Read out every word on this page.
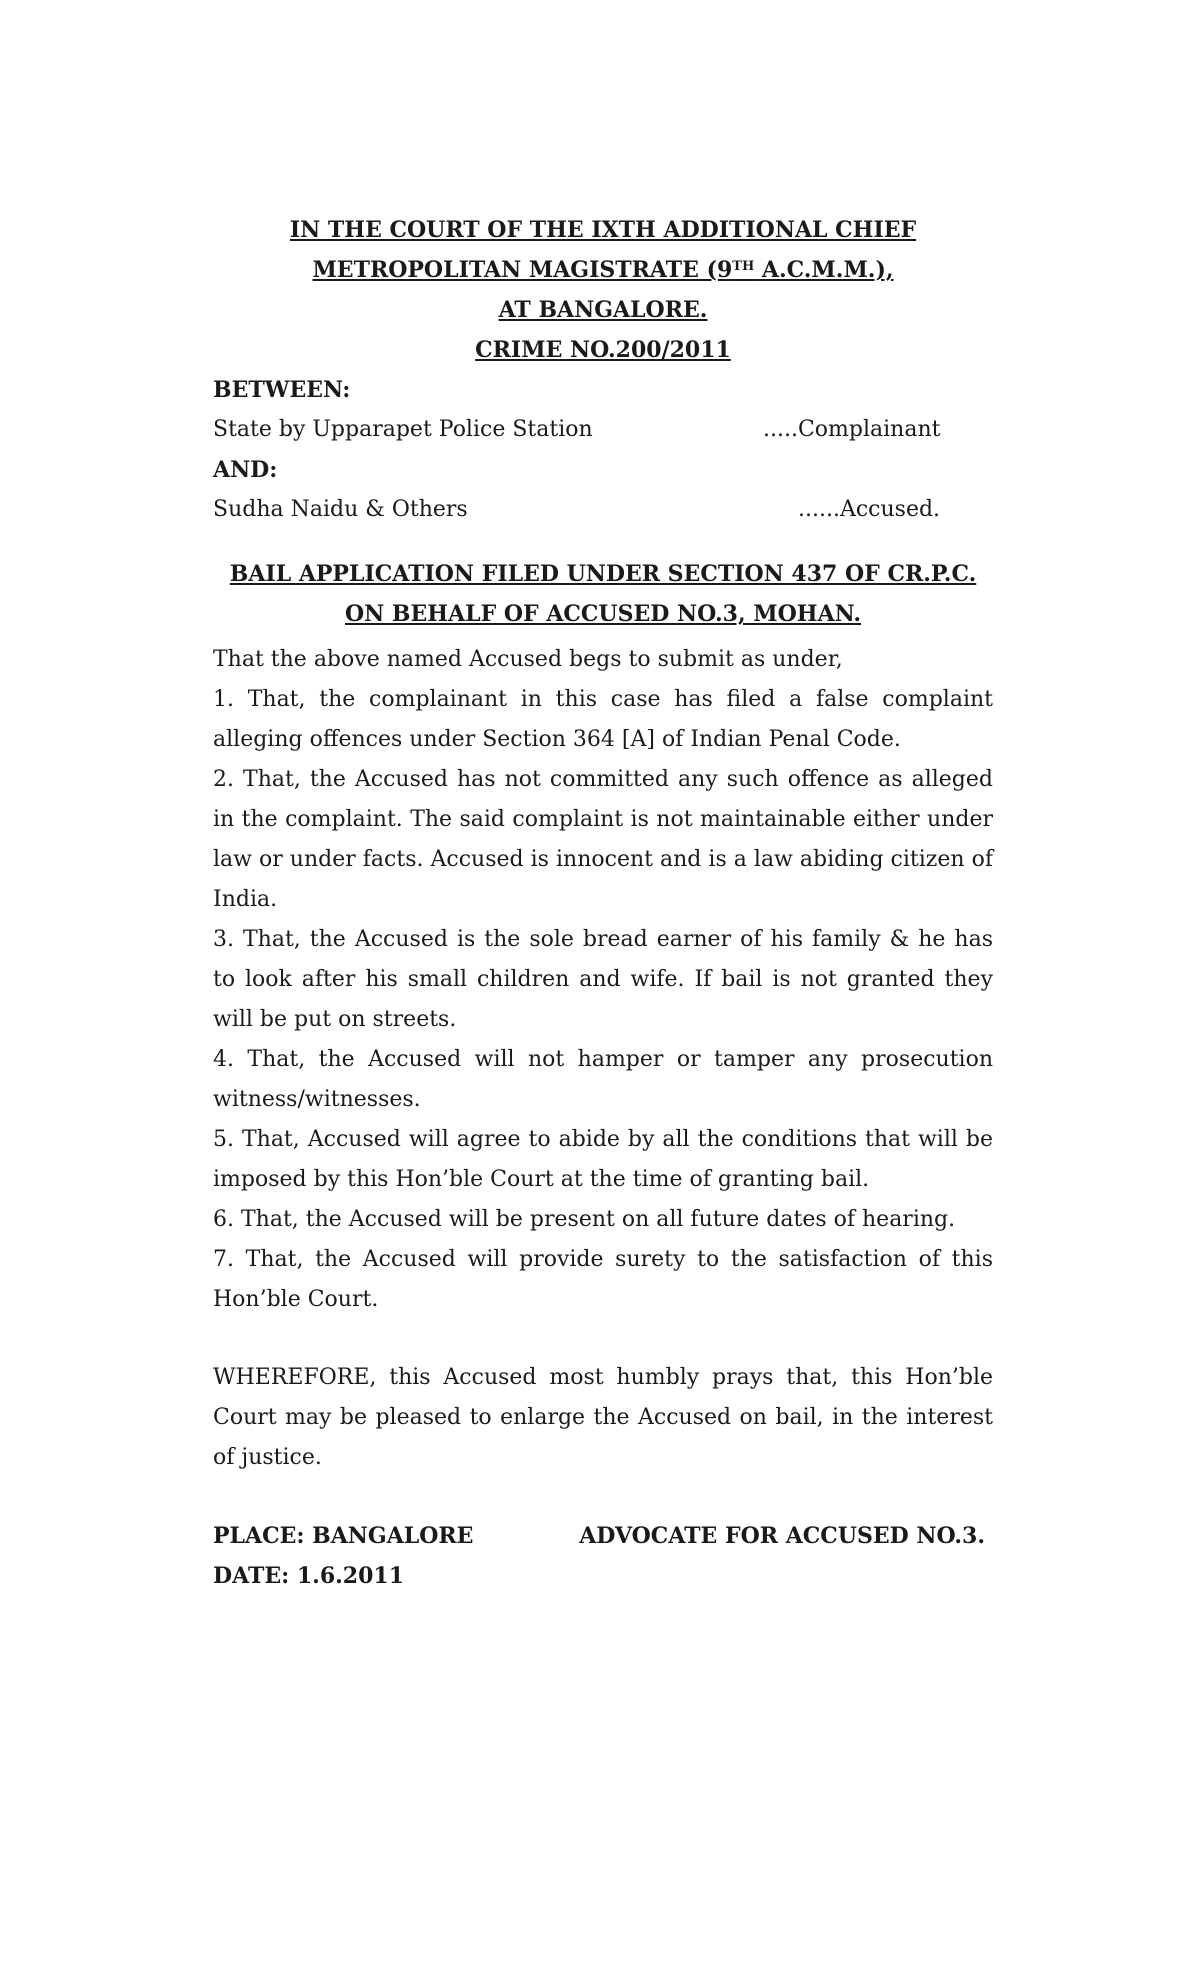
IN THE COURT OF THE IXTH ADDITIONAL CHIEF

METROPOLITAN MAGISTRATE (9TH A.C.M.M.),

AT BANGALORE.

CRIME NO.200/2011

BETWEEN:

State by Upparapet Police Station	.....Complainant

AND:

Sudha Naidu & Others	......Accused.

BAIL APPLICATION FILED UNDER SECTION 437 OF CR.P.C.

ON BEHALF OF ACCUSED NO.3, MOHAN.

That the above named Accused begs to submit as under,

1. That, the complainant in this case has filed a false complaint alleging offences under Section 364 [A] of Indian Penal Code.

2. That, the Accused has not committed any such offence as alleged in the complaint. The said complaint is not maintainable either under law or under facts. Accused is innocent and is a law abiding citizen of India.

3. That, the Accused is the sole bread earner of his family & he has to look after his small children and wife. If bail is not granted they will be put on streets.

4. That, the Accused will not hamper or tamper any prosecution witness/witnesses.

5. That, Accused will agree to abide by all the conditions that will be imposed by this Hon’ble Court at the time of granting bail.

6. That, the Accused will be present on all future dates of hearing.

7. That, the Accused will provide surety to the satisfaction of this Hon’ble Court.

WHEREFORE, this Accused most humbly prays that, this Hon’ble Court may be pleased to enlarge the Accused on bail, in the interest of justice.

PLACE: BANGALORE	ADVOCATE FOR ACCUSED NO.3.

DATE: 1.6.2011
